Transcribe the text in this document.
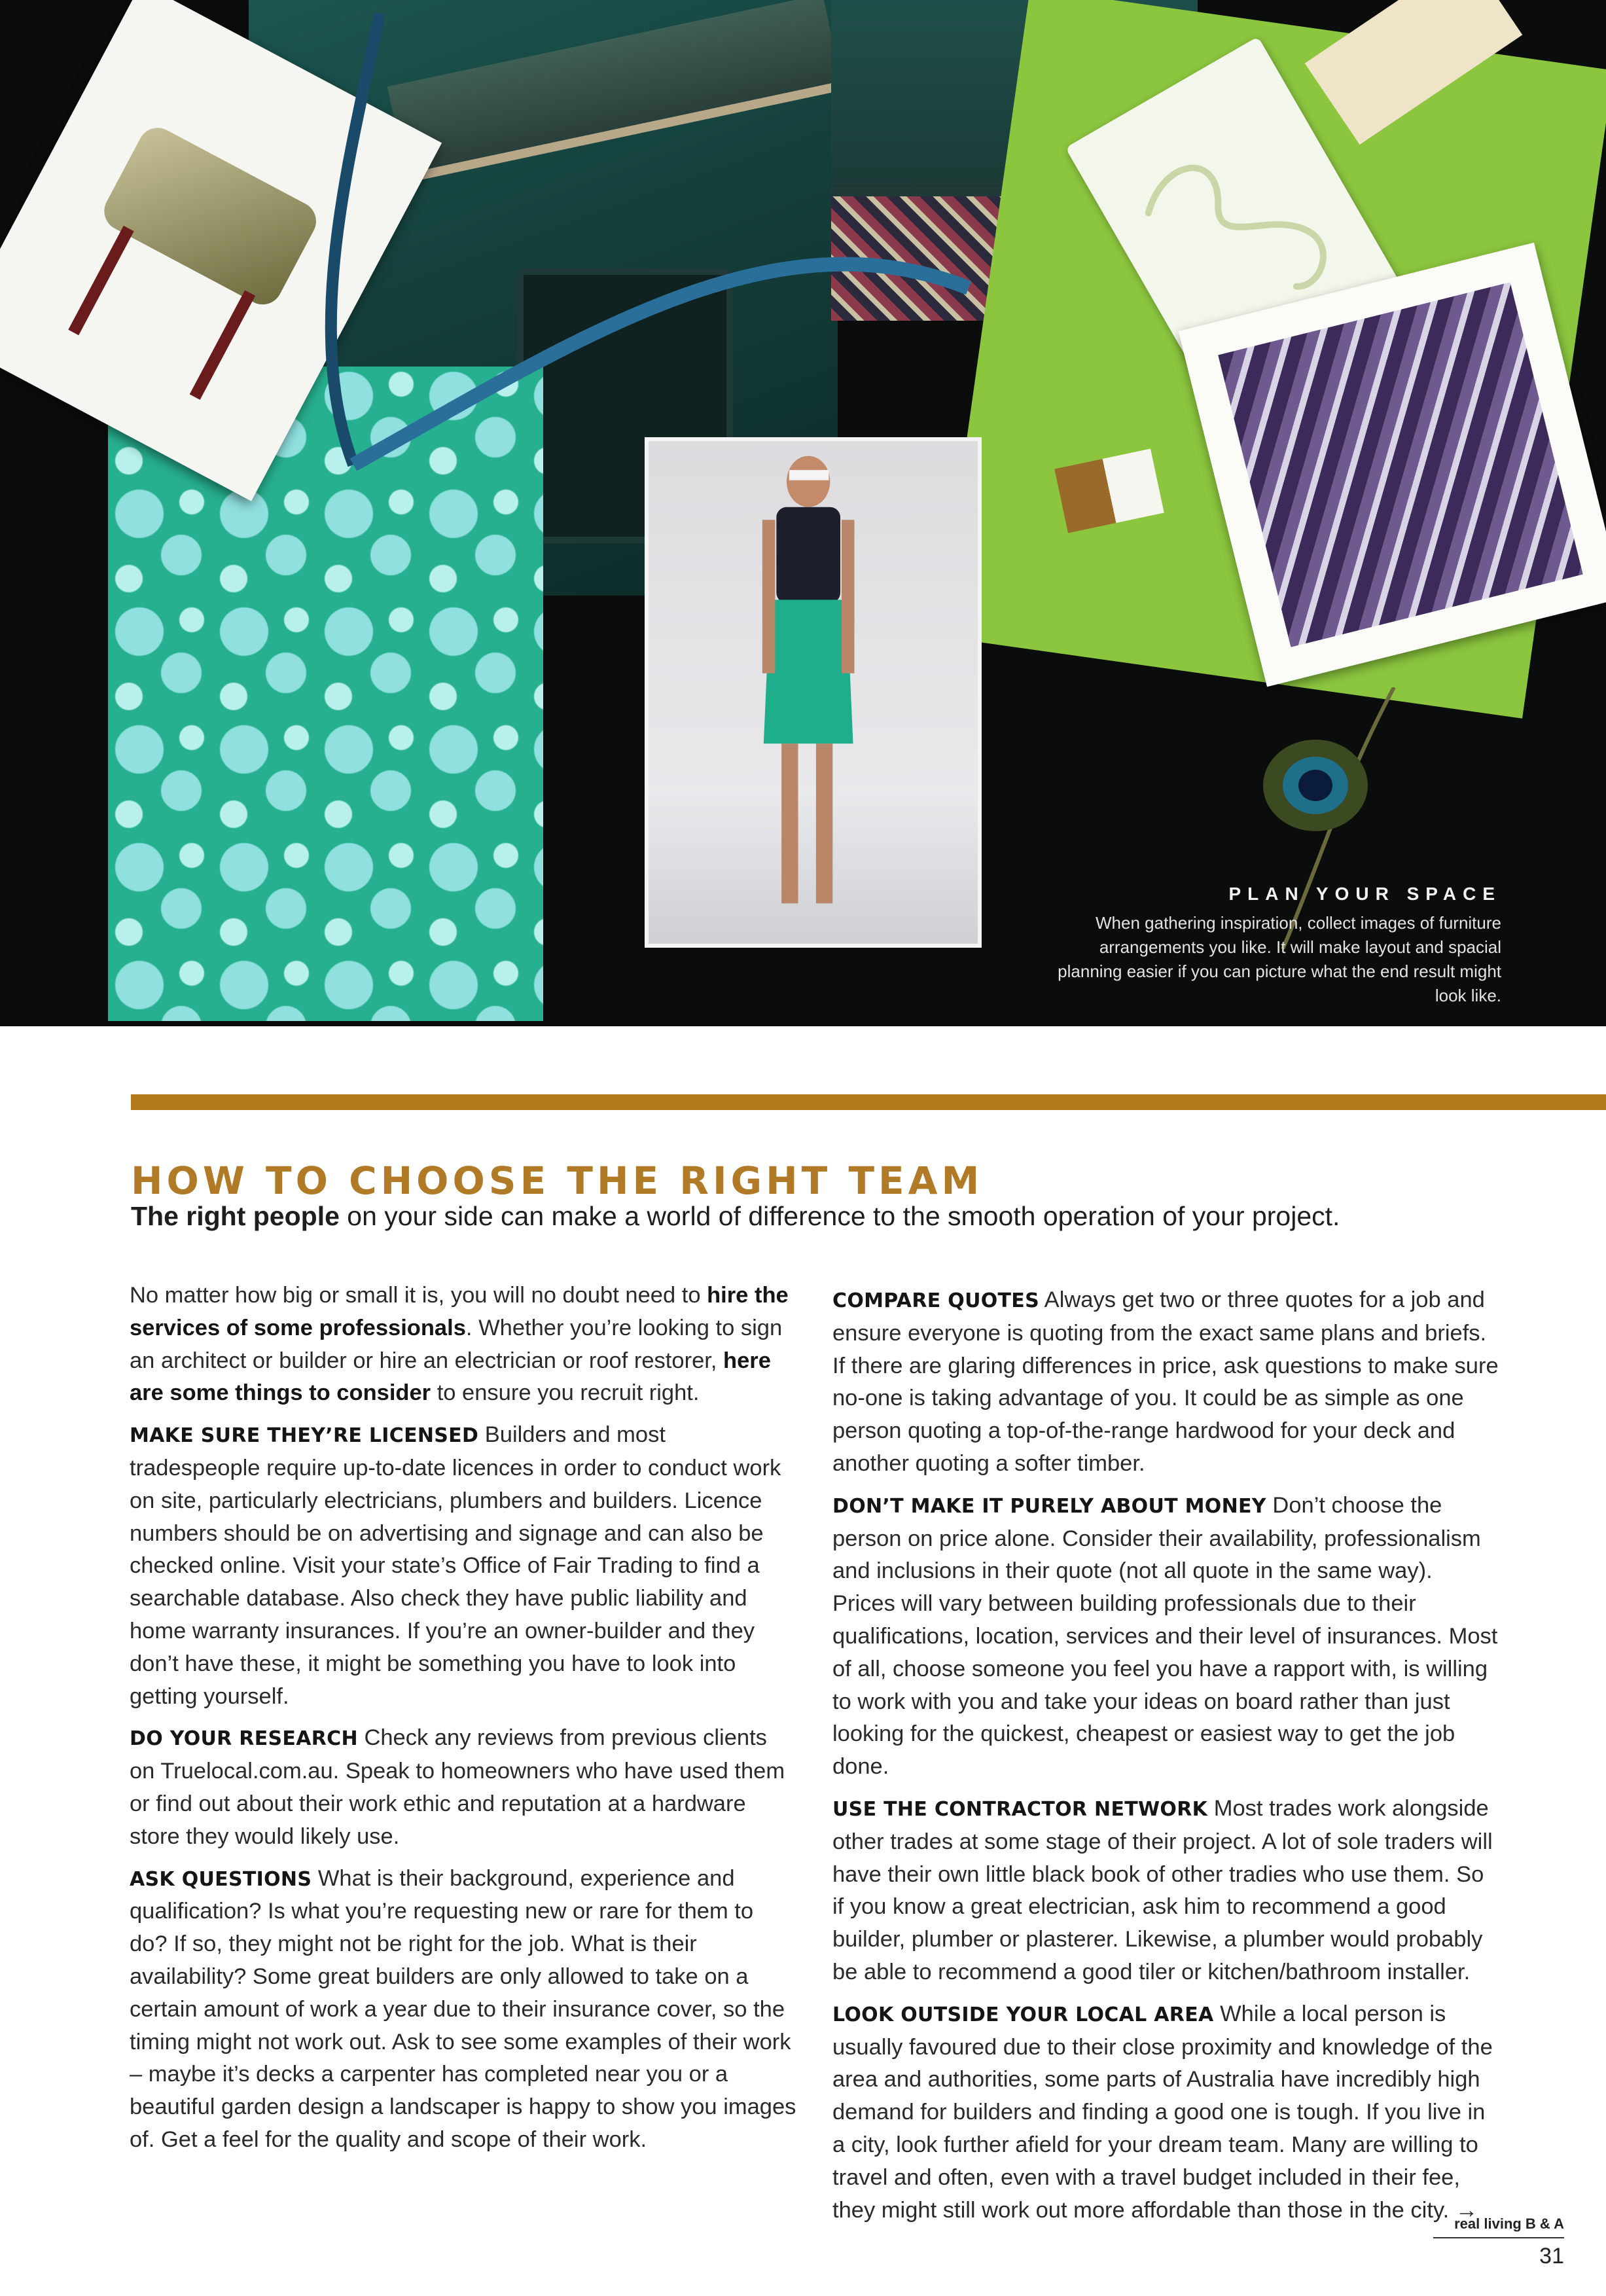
PLAN YOUR SPACE
When gathering inspiration, collect images of furniture arrangements you like. It will make layout and spacial planning easier if you can picture what the end result might look like.
HOW TO CHOOSE THE RIGHT TEAM

The right people on your side can make a world of difference to the smooth operation of your project.

No matter how big or small it is, you will no doubt need to hire the services of some professionals. Whether you’re looking to sign an architect or builder or hire an electrician or roof restorer, here are some things to consider to ensure you recruit right.

MAKE SURE THEY’RE LICENSED Builders and most tradespeople require up-to-date licences in order to conduct work on site, particularly electricians, plumbers and builders. Licence numbers should be on advertising and signage and can also be checked online. Visit your state’s Office of Fair Trading to find a searchable database. Also check they have public liability and home warranty insurances. If you’re an owner-builder and they don’t have these, it might be something you have to look into getting yourself.

DO YOUR RESEARCH Check any reviews from previous clients on Truelocal.com.au. Speak to homeowners who have used them or find out about their work ethic and reputation at a hardware store they would likely use.

ASK QUESTIONS What is their background, experience and qualification? Is what you’re requesting new or rare for them to do? If so, they might not be right for the job. What is their availability? Some great builders are only allowed to take on a certain amount of work a year due to their insurance cover, so the timing might not work out. Ask to see some examples of their work – maybe it’s decks a carpenter has completed near you or a beautiful garden design a landscaper is happy to show you images of. Get a feel for the quality and scope of their work.

COMPARE QUOTES Always get two or three quotes for a job and ensure everyone is quoting from the exact same plans and briefs. If there are glaring differences in price, ask questions to make sure no-one is taking advantage of you. It could be as simple as one person quoting a top-of-the-range hardwood for your deck and another quoting a softer timber.

DON’T MAKE IT PURELY ABOUT MONEY Don’t choose the person on price alone. Consider their availability, professionalism and inclusions in their quote (not all quote in the same way). Prices will vary between building professionals due to their qualifications, location, services and their level of insurances. Most of all, choose someone you feel you have a rapport with, is willing to work with you and take your ideas on board rather than just looking for the quickest, cheapest or easiest way to get the job done.

USE THE CONTRACTOR NETWORK Most trades work alongside other trades at some stage of their project. A lot of sole traders will have their own little black book of other tradies who use them. So if you know a great electrician, ask him to recommend a good builder, plumber or plasterer. Likewise, a plumber would probably be able to recommend a good tiler or kitchen/bathroom installer.

LOOK OUTSIDE YOUR LOCAL AREA While a local person is usually favoured due to their close proximity and knowledge of the area and authorities, some parts of Australia have incredibly high demand for builders and finding a good one is tough. If you live in a city, look further afield for your dream team. Many are willing to travel and often, even with a travel budget included in their fee, they might still work out more affordable than those in the city. →

real living B & A
31
